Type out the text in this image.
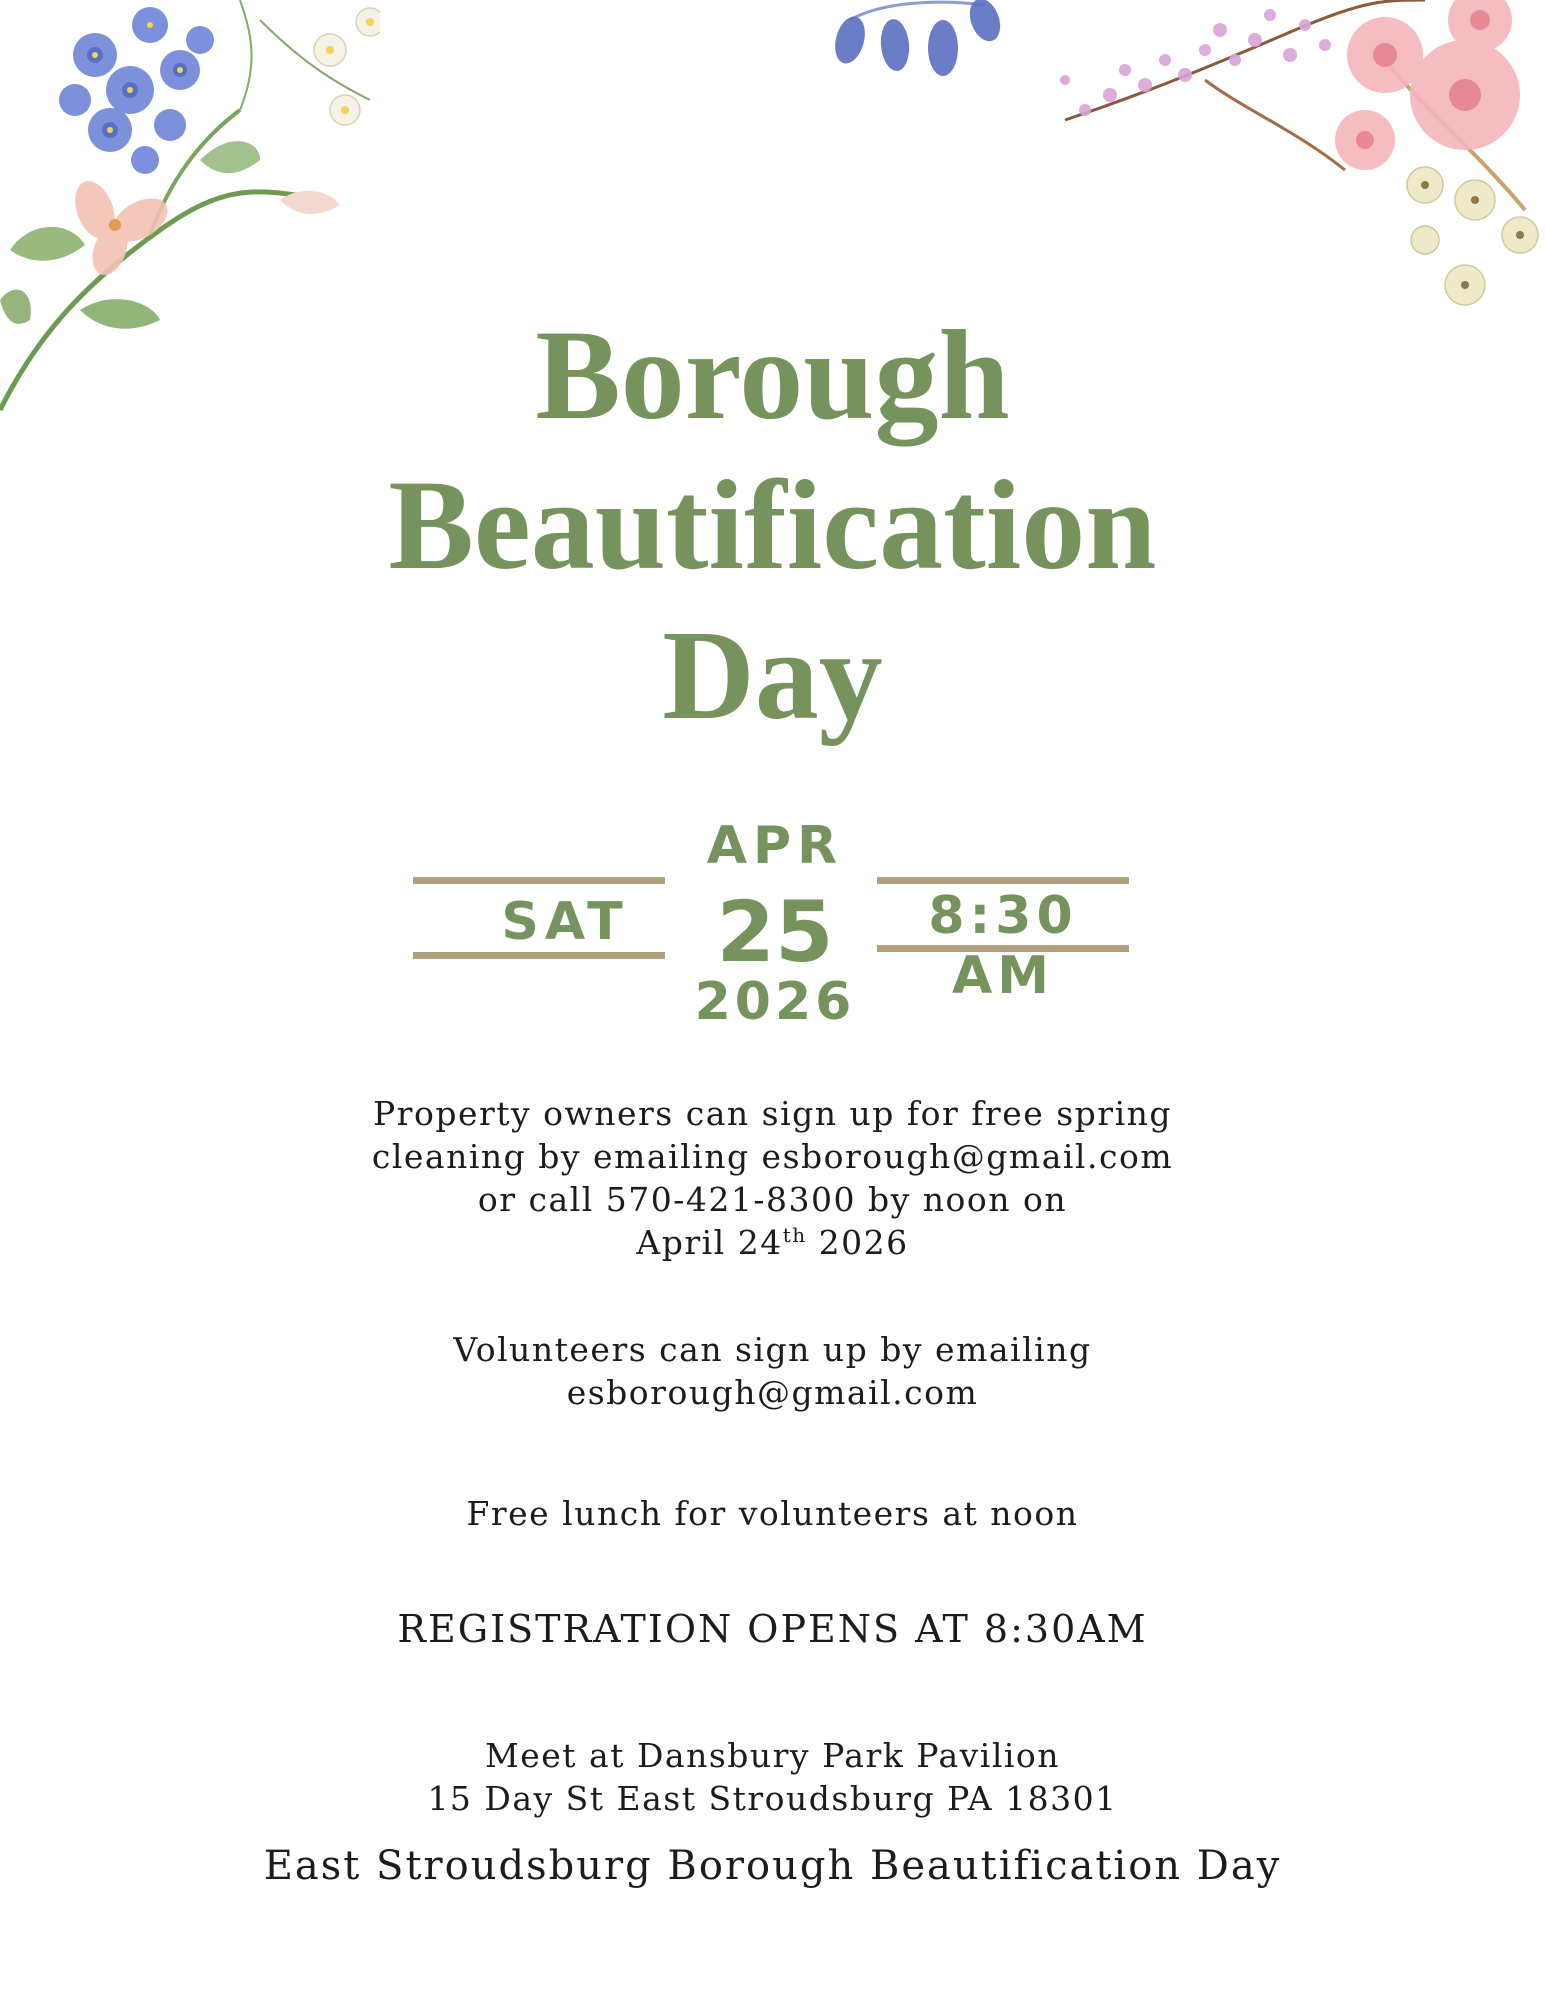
Borough
Beautification
Day
SAT
APR
25
2026
8:30 AM

Property owners can sign up for free spring

cleaning by emailing esborough@gmail.com

or call 570-421-8300 by noon on

April 24th 2026

Volunteers can sign up by emailing

esborough@gmail.com

Free lunch for volunteers at noon

REGISTRATION OPENS AT 8:30AM

Meet at Dansbury Park Pavilion

15 Day St East Stroudsburg PA 18301

East Stroudsburg Borough Beautification Day
